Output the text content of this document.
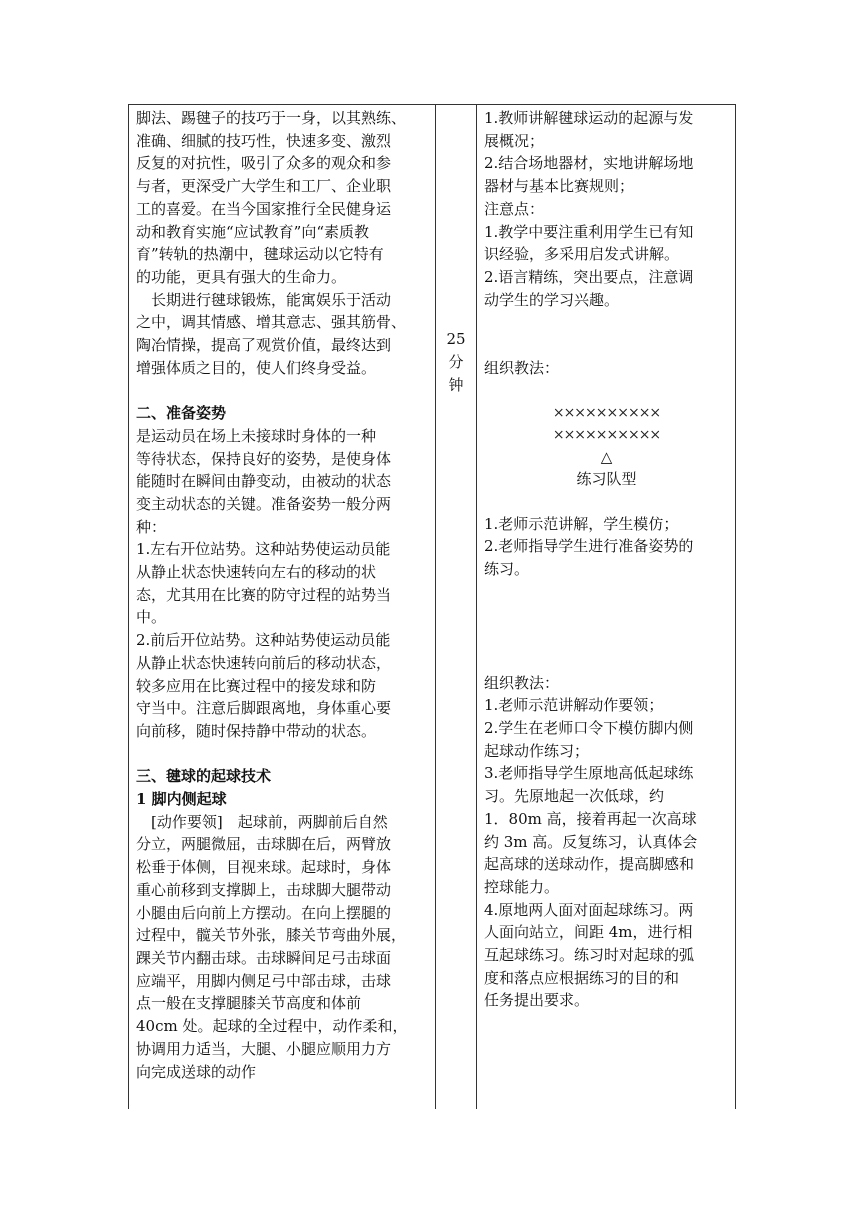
脚法、踢毽子的技巧于一身，以其熟练、
准确、细腻的技巧性，快速多变、激烈
反复的对抗性，吸引了众多的观众和参
与者，更深受广大学生和工厂、企业职
工的喜爱。在当今国家推行全民健身运
动和教育实施“应试教育”向“素质教
育”转轨的热潮中，毽球运动以它特有
的功能，更具有强大的生命力。

　长期进行毽球锻炼，能寓娱乐于活动
之中，调其情感、增其意志、强其筋骨、
陶冶情操，提高了观赏价值，最终达到
增强体质之目的，使人们终身受益。

二、准备姿势

是运动员在场上未接球时身体的一种
等待状态，保持良好的姿势，是使身体
能随时在瞬间由静变动，由被动的状态
变主动状态的关键。准备姿势一般分两
种：

1.左右开位站势。这种站势使运动员能
从静止状态快速转向左右的移动的状
态，尤其用在比赛的防守过程的站势当
中。

2.前后开位站势。这种站势使运动员能
从静止状态快速转向前后的移动状态，
较多应用在比赛过程中的接发球和防
守当中。注意后脚跟离地，身体重心要
向前移，随时保持静中带动的状态。

三、毽球的起球技术

1 脚内侧起球

　[动作要领]　起球前，两脚前后自然
分立，两腿微屈，击球脚在后，两臂放
松垂于体侧，目视来球。起球时，身体
重心前移到支撑脚上，击球脚大腿带动
小腿由后向前上方摆动。在向上摆腿的
过程中，髋关节外张，膝关节弯曲外展，
踝关节内翻击球。击球瞬间足弓击球面
应端平，用脚内侧足弓中部击球，击球
点一般在支撑腿膝关节高度和体前
40cm 处。起球的全过程中，动作柔和，
协调用力适当，大腿、小腿应顺用力方
向完成送球的动作

25
分
钟

1.教师讲解毽球运动的起源与发
展概况；
2.结合场地器材，实地讲解场地
器材与基本比赛规则；
注意点：
1.教学中要注重利用学生已有知
识经验，多采用启发式讲解。
2.语言精练，突出要点，注意调
动学生的学习兴趣。

组织教法：

××××××××××
××××××××××
△
练习队型

1.老师示范讲解，学生模仿；
2.老师指导学生进行准备姿势的
练习。

组织教法：

1.老师示范讲解动作要领；
2.学生在老师口令下模仿脚内侧
起球动作练习；
3.老师指导学生原地高低起球练
习。先原地起一次低球，约
1．80m 高，接着再起一次高球
约 3m 高。反复练习，认真体会
起高球的送球动作，提高脚感和
控球能力。
4.原地两人面对面起球练习。两
人面向站立，间距 4m，进行相
互起球练习。练习时对起球的弧
度和落点应根据练习的目的和
任务提出要求。
